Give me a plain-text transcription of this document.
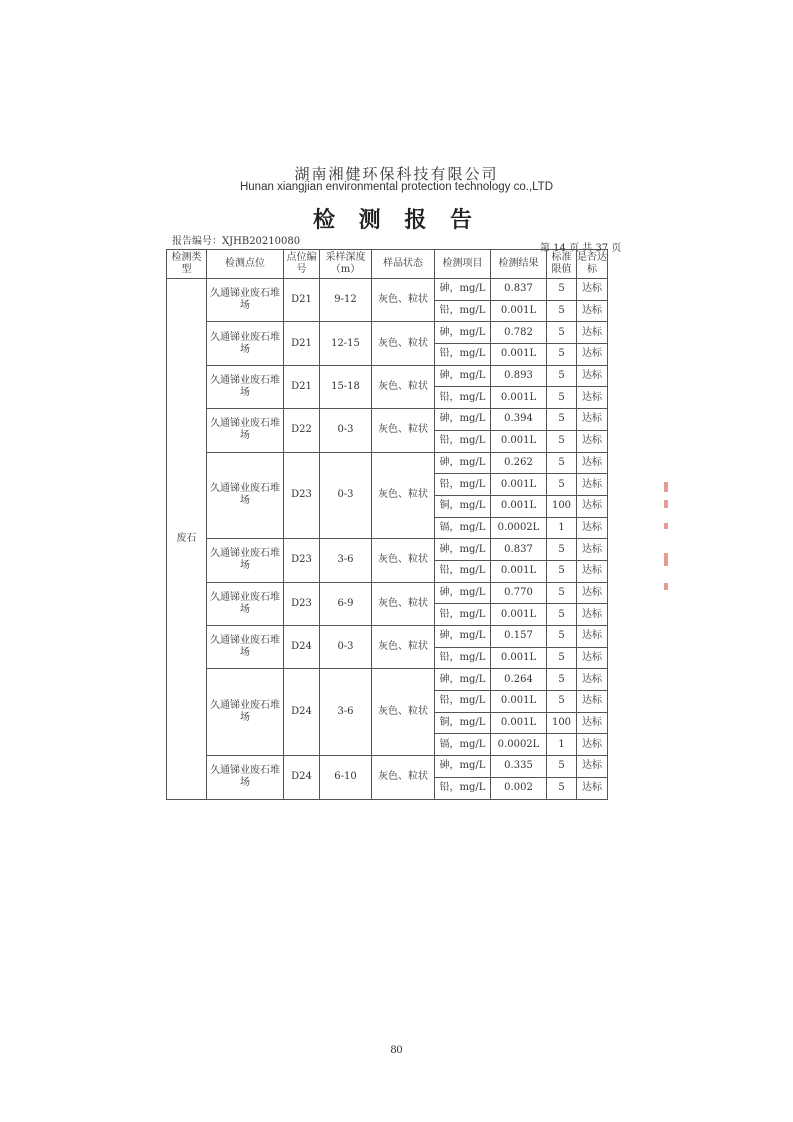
湖南湘健环保科技有限公司
Hunan xiangjian environmental protection technology co.,LTD
检 测 报 告
报告编号：XJHB20210080
第 14 页 共 37 页
检测类型	检测点位	点位编号	采样深度（m）	样品状态	检测项目	检测结果	标准限值	是否达标
废石	久通锑业废石堆场	D21	9-12	灰色、粒状	砷，mg/L	0.837	5	达标
					铅，mg/L	0.001L	5	达标
	久通锑业废石堆场	D21	12-15	灰色、粒状	砷，mg/L	0.782	5	达标
					铅，mg/L	0.001L	5	达标
	久通锑业废石堆场	D21	15-18	灰色、粒状	砷，mg/L	0.893	5	达标
					铅，mg/L	0.001L	5	达标
	久通锑业废石堆场	D22	0-3	灰色、粒状	砷，mg/L	0.394	5	达标
					铅，mg/L	0.001L	5	达标
	久通锑业废石堆场	D23	0-3	灰色、粒状	砷，mg/L	0.262	5	达标
					铅，mg/L	0.001L	5	达标
					铜，mg/L	0.001L	100	达标
					镉，mg/L	0.0002L	1	达标
	久通锑业废石堆场	D23	3-6	灰色、粒状	砷，mg/L	0.837	5	达标
					铅，mg/L	0.001L	5	达标
	久通锑业废石堆场	D23	6-9	灰色、粒状	砷，mg/L	0.770	5	达标
					铅，mg/L	0.001L	5	达标
	久通锑业废石堆场	D24	0-3	灰色、粒状	砷，mg/L	0.157	5	达标
					铅，mg/L	0.001L	5	达标
	久通锑业废石堆场	D24	3-6	灰色、粒状	砷，mg/L	0.264	5	达标
					铅，mg/L	0.001L	5	达标
					铜，mg/L	0.001L	100	达标
					镉，mg/L	0.0002L	1	达标
	久通锑业废石堆场	D24	6-10	灰色、粒状	砷，mg/L	0.335	5	达标
					铅，mg/L	0.002	5	达标
80
